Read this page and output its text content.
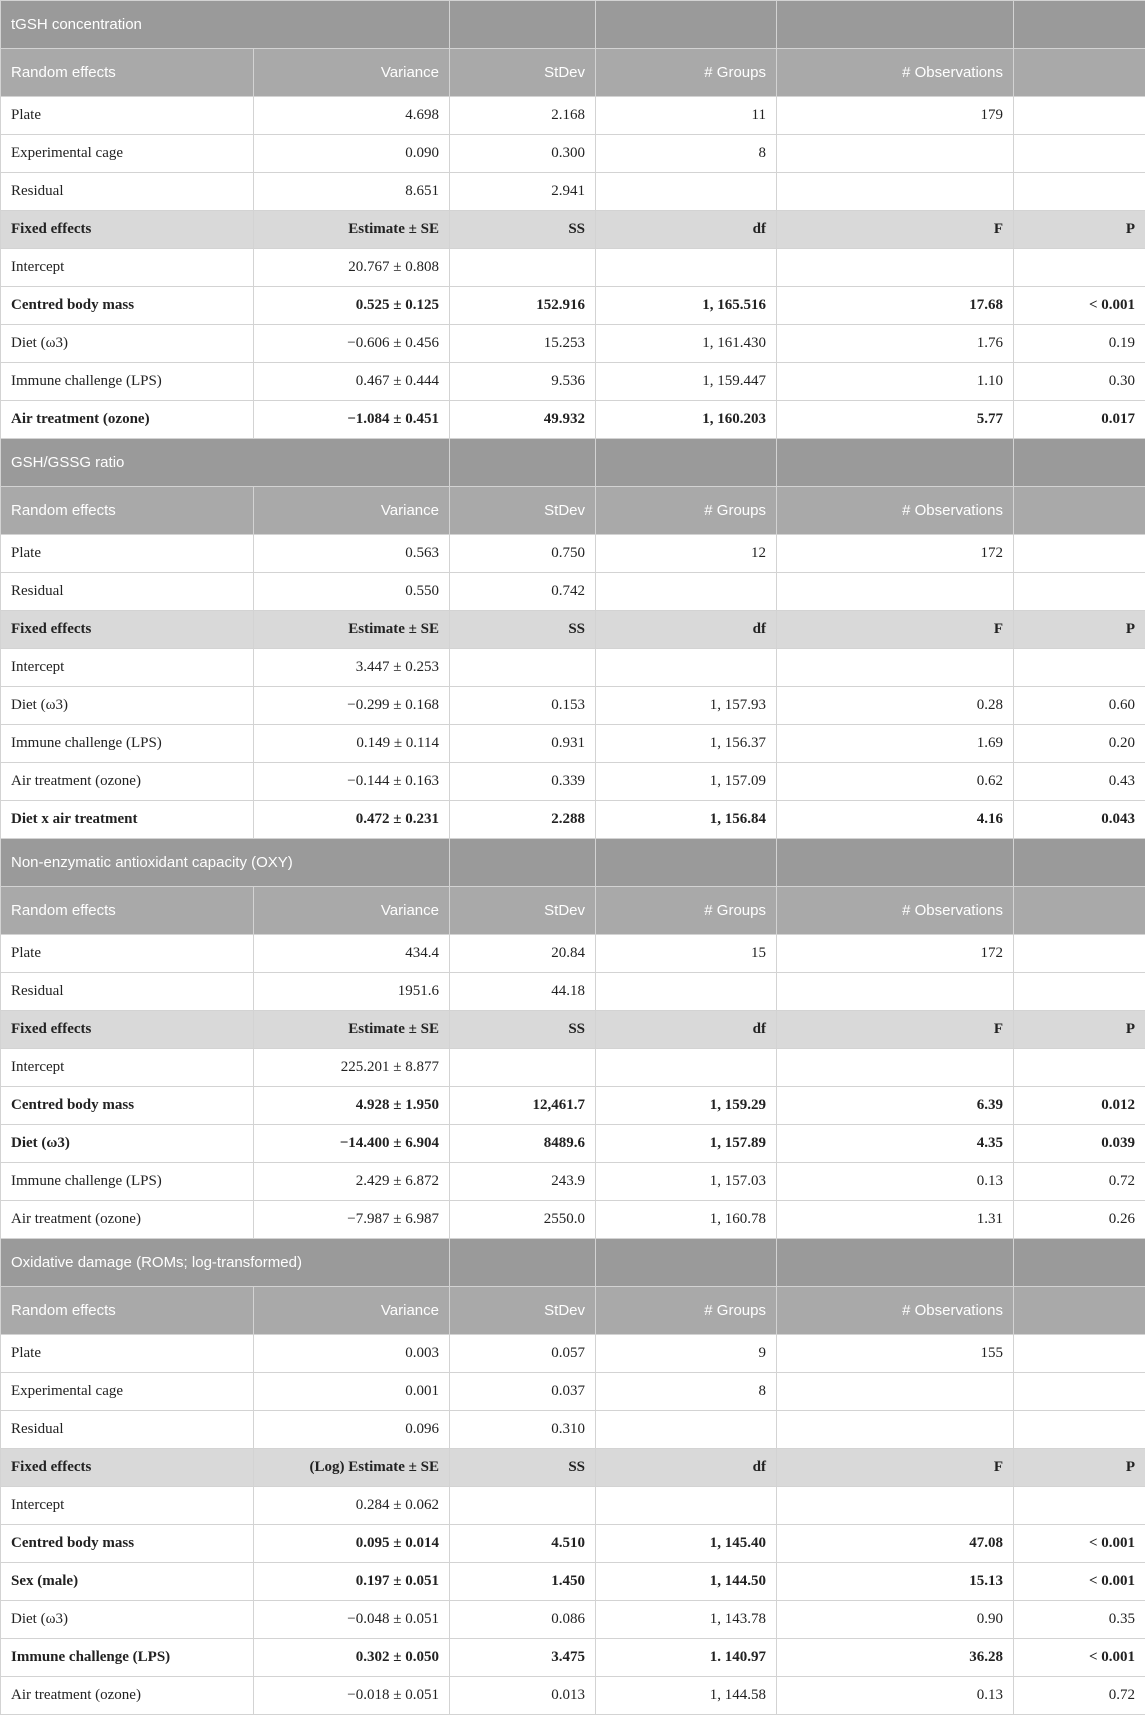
tGSH concentration					
Random effects	Variance	StDev	# Groups	# Observations	
Plate	4.698	2.168	11	179	
Experimental cage	0.090	0.300	8		
Residual	8.651	2.941			
Fixed effects	Estimate ± SE	SS	df	F	P
Intercept	20.767 ± 0.808				
Centred body mass	0.525 ± 0.125	152.916	1, 165.516	17.68	< 0.001
Diet (ω3)	−0.606 ± 0.456	15.253	1, 161.430	1.76	0.19
Immune challenge (LPS)	0.467 ± 0.444	9.536	1, 159.447	1.10	0.30
Air treatment (ozone)	−1.084 ± 0.451	49.932	1, 160.203	5.77	0.017
GSH/GSSG ratio					
Random effects	Variance	StDev	# Groups	# Observations	
Plate	0.563	0.750	12	172	
Residual	0.550	0.742			
Fixed effects	Estimate ± SE	SS	df	F	P
Intercept	3.447 ± 0.253				
Diet (ω3)	−0.299 ± 0.168	0.153	1, 157.93	0.28	0.60
Immune challenge (LPS)	0.149 ± 0.114	0.931	1, 156.37	1.69	0.20
Air treatment (ozone)	−0.144 ± 0.163	0.339	1, 157.09	0.62	0.43
Diet x air treatment	0.472 ± 0.231	2.288	1, 156.84	4.16	0.043
Non-enzymatic antioxidant capacity (OXY)					
Random effects	Variance	StDev	# Groups	# Observations	
Plate	434.4	20.84	15	172	
Residual	1951.6	44.18			
Fixed effects	Estimate ± SE	SS	df	F	P
Intercept	225.201 ± 8.877				
Centred body mass	4.928 ± 1.950	12,461.7	1, 159.29	6.39	0.012
Diet (ω3)	−14.400 ± 6.904	8489.6	1, 157.89	4.35	0.039
Immune challenge (LPS)	2.429 ± 6.872	243.9	1, 157.03	0.13	0.72
Air treatment (ozone)	−7.987 ± 6.987	2550.0	1, 160.78	1.31	0.26
Oxidative damage (ROMs; log-transformed)					
Random effects	Variance	StDev	# Groups	# Observations	
Plate	0.003	0.057	9	155	
Experimental cage	0.001	0.037	8		
Residual	0.096	0.310			
Fixed effects	(Log) Estimate ± SE	SS	df	F	P
Intercept	0.284 ± 0.062				
Centred body mass	0.095 ± 0.014	4.510	1, 145.40	47.08	< 0.001
Sex (male)	0.197 ± 0.051	1.450	1, 144.50	15.13	< 0.001
Diet (ω3)	−0.048 ± 0.051	0.086	1, 143.78	0.90	0.35
Immune challenge (LPS)	0.302 ± 0.050	3.475	1. 140.97	36.28	< 0.001
Air treatment (ozone)	−0.018 ± 0.051	0.013	1, 144.58	0.13	0.72
